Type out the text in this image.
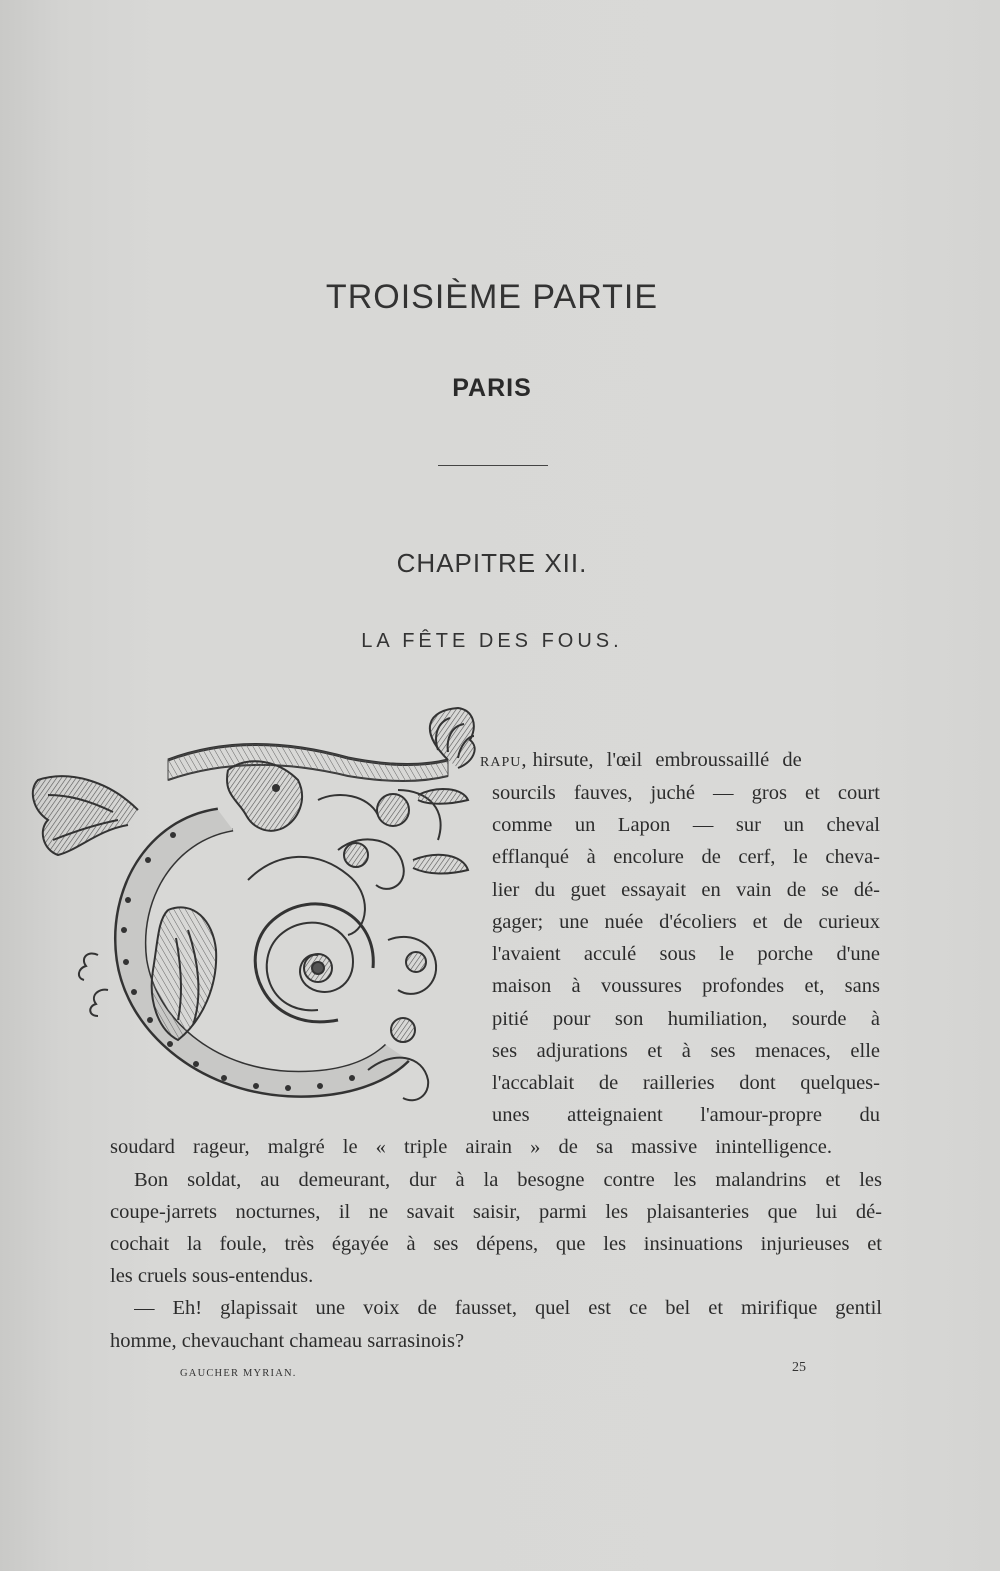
TROISIÈME PARTIE
PARIS
CHAPITRE XII.
LA FÊTE DES FOUS.
rapu, hirsute, l'œil embroussaillé de
sourcils fauves, juché — gros et court
comme un Lapon — sur un cheval
efflanqué à encolure de cerf, le cheva-
lier du guet essayait en vain de se dé-
gager; une nuée d'écoliers et de curieux
l'avaient acculé sous le porche d'une
maison à voussures profondes et, sans
pitié pour son humiliation, sourde à
ses adjurations et à ses menaces, elle
l'accablait de railleries dont quelques-
unes atteignaient l'amour-propre du
soudard rageur, malgré le « triple airain » de sa massive inintelligence.
Bon soldat, au demeurant, dur à la besogne contre les malandrins et les
coupe-jarrets nocturnes, il ne savait saisir, parmi les plaisanteries que lui dé-
cochait la foule, très égayée à ses dépens, que les insinuations injurieuses et
les cruels sous-entendus.
— Eh! glapissait une voix de fausset, quel est ce bel et mirifique gentil
homme, chevauchant chameau sarrasinois?
GAUCHER MYRIAN.	25
